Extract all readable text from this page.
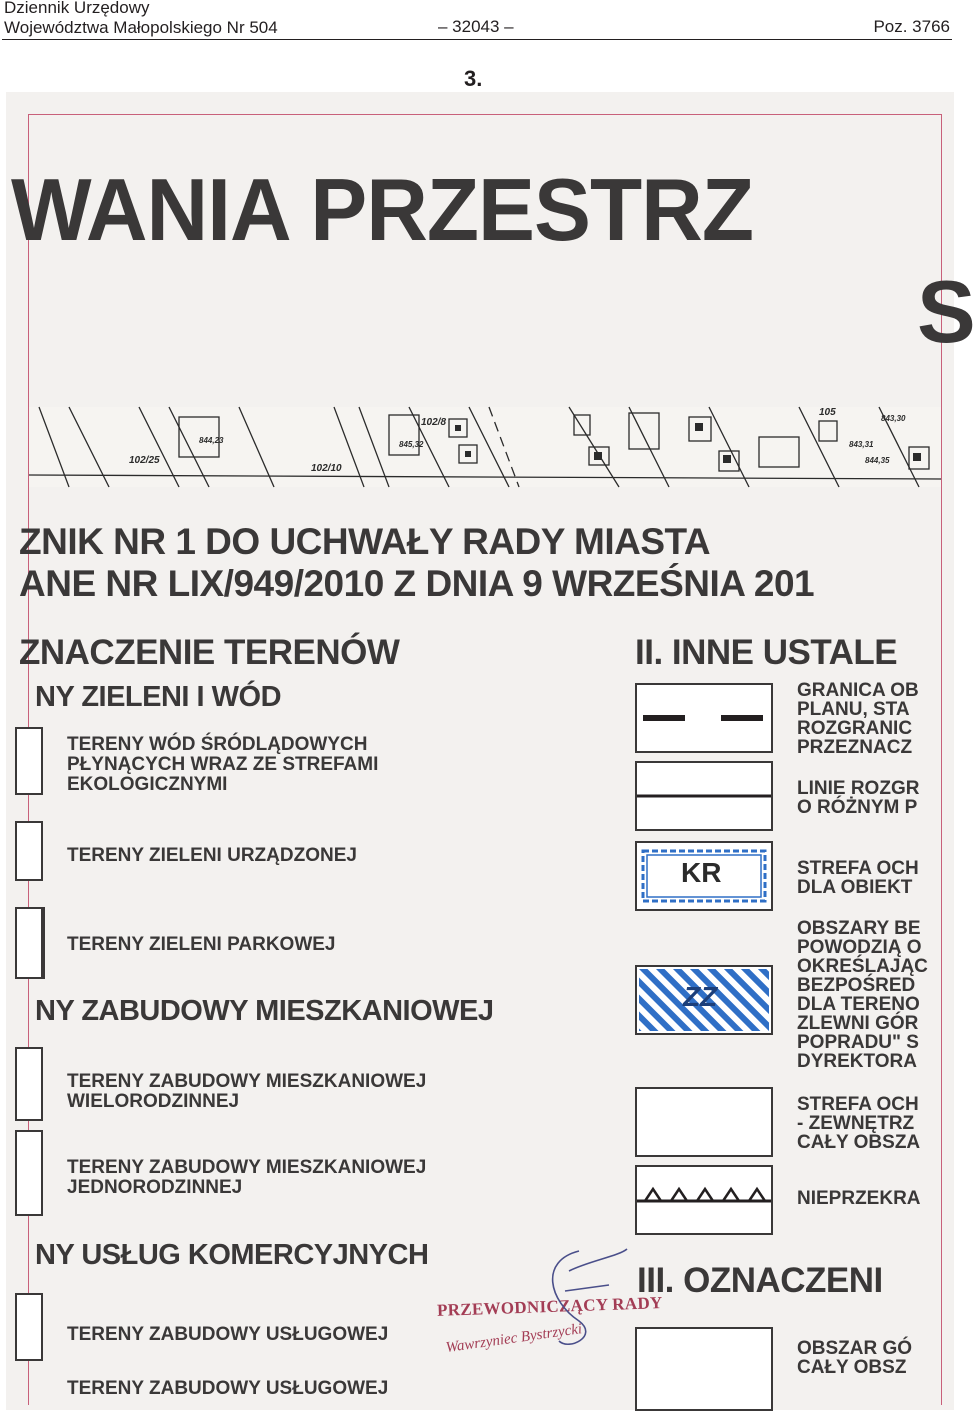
Dziennik Urzędowy
Województwa Małopolskiego Nr 504	– 32043 –	Poz. 3766
3.
WANIA PRZESTRZ
S
102/25
102/10
102/8
105
843,30
845,32	843,31
844,23
844,35
ZNIK NR 1 DO UCHWAŁY RADY MIASTA
ANE NR LIX/949/2010 Z DNIA 9 WRZEŚNIA 201
ZNACZENIE TERENÓW	II. INNE USTALE
NY ZIELENI I WÓD
TERENY WÓD ŚRÓDLĄDOWYCH
PŁYNĄCYCH WRAZ ZE STREFAMI
EKOLOGICZNYMI
TERENY ZIELENI URZĄDZONEJ
TERENY ZIELENI PARKOWEJ
NY ZABUDOWY MIESZKANIOWEJ
TERENY ZABUDOWY MIESZKANIOWEJ
WIELORODZINNEJ
TERENY ZABUDOWY MIESZKANIOWEJ
JEDNORODZINNEJ
NY USŁUG KOMERCYJNYCH
TERENY ZABUDOWY USŁUGOWEJ
TERENY ZABUDOWY USŁUGOWEJ
GRANICA OB
PLANU, STA
ROZGRANIC
PRZEZNACZ
LINIE ROZGR
O RÓŻNYM P
KR	STREFA OCH
DLA OBIEKT
ZZ
OBSZARY BE
POWODZIĄ O
OKREŚLAJĄC
BEZPOŚRED
DLA TERENO
ZLEWNI GÓR
POPRADU" S
DYREKTORA
STREFA OCH
- ZEWNĘTRZ
CAŁY OBSZA
NIEPRZEKRA
III. OZNACZENI
OBSZAR GÓ
CAŁY OBSZ
PRZEWODNICZĄCY RADY
Wawrzyniec Bystrzycki
